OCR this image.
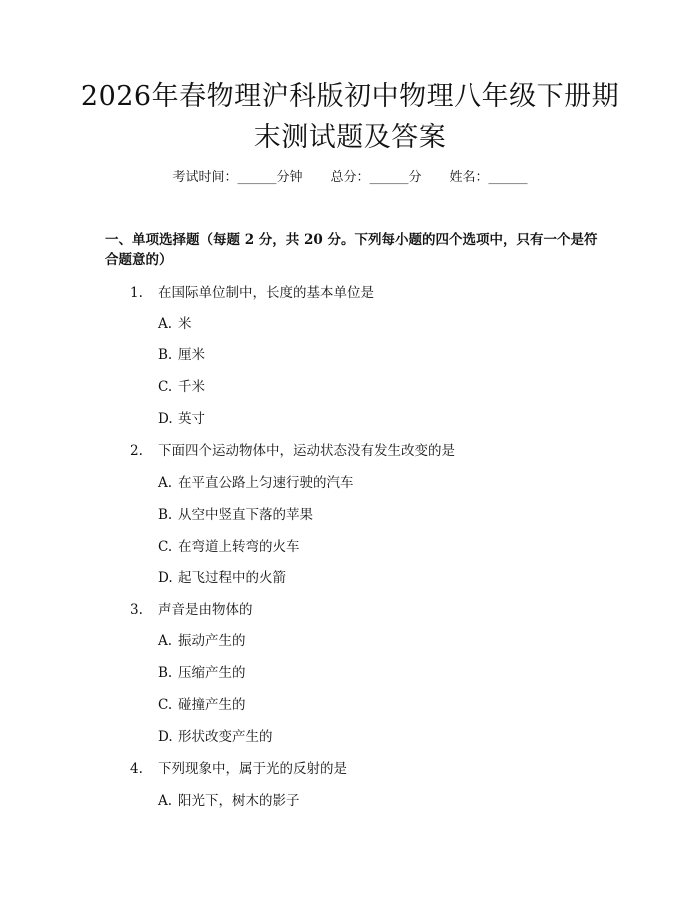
2026年春物理沪科版初中物理八年级下册期
末测试题及答案
考试时间：______分钟 总分：______分 姓名：______

一、单项选择题（每题 2 分，共 20 分。下列每小题的四个选项中，只有一个是符合题意的）

1.	在国际单位制中，长度的基本单位是
A. 米
B. 厘米
C. 千米
D. 英寸
2.	下面四个运动物体中，运动状态没有发生改变的是
A. 在平直公路上匀速行驶的汽车
B. 从空中竖直下落的苹果
C. 在弯道上转弯的火车
D. 起飞过程中的火箭
3.	声音是由物体的
A. 振动产生的
B. 压缩产生的
C. 碰撞产生的
D. 形状改变产生的
4.	下列现象中，属于光的反射的是
A. 阳光下，树木的影子
